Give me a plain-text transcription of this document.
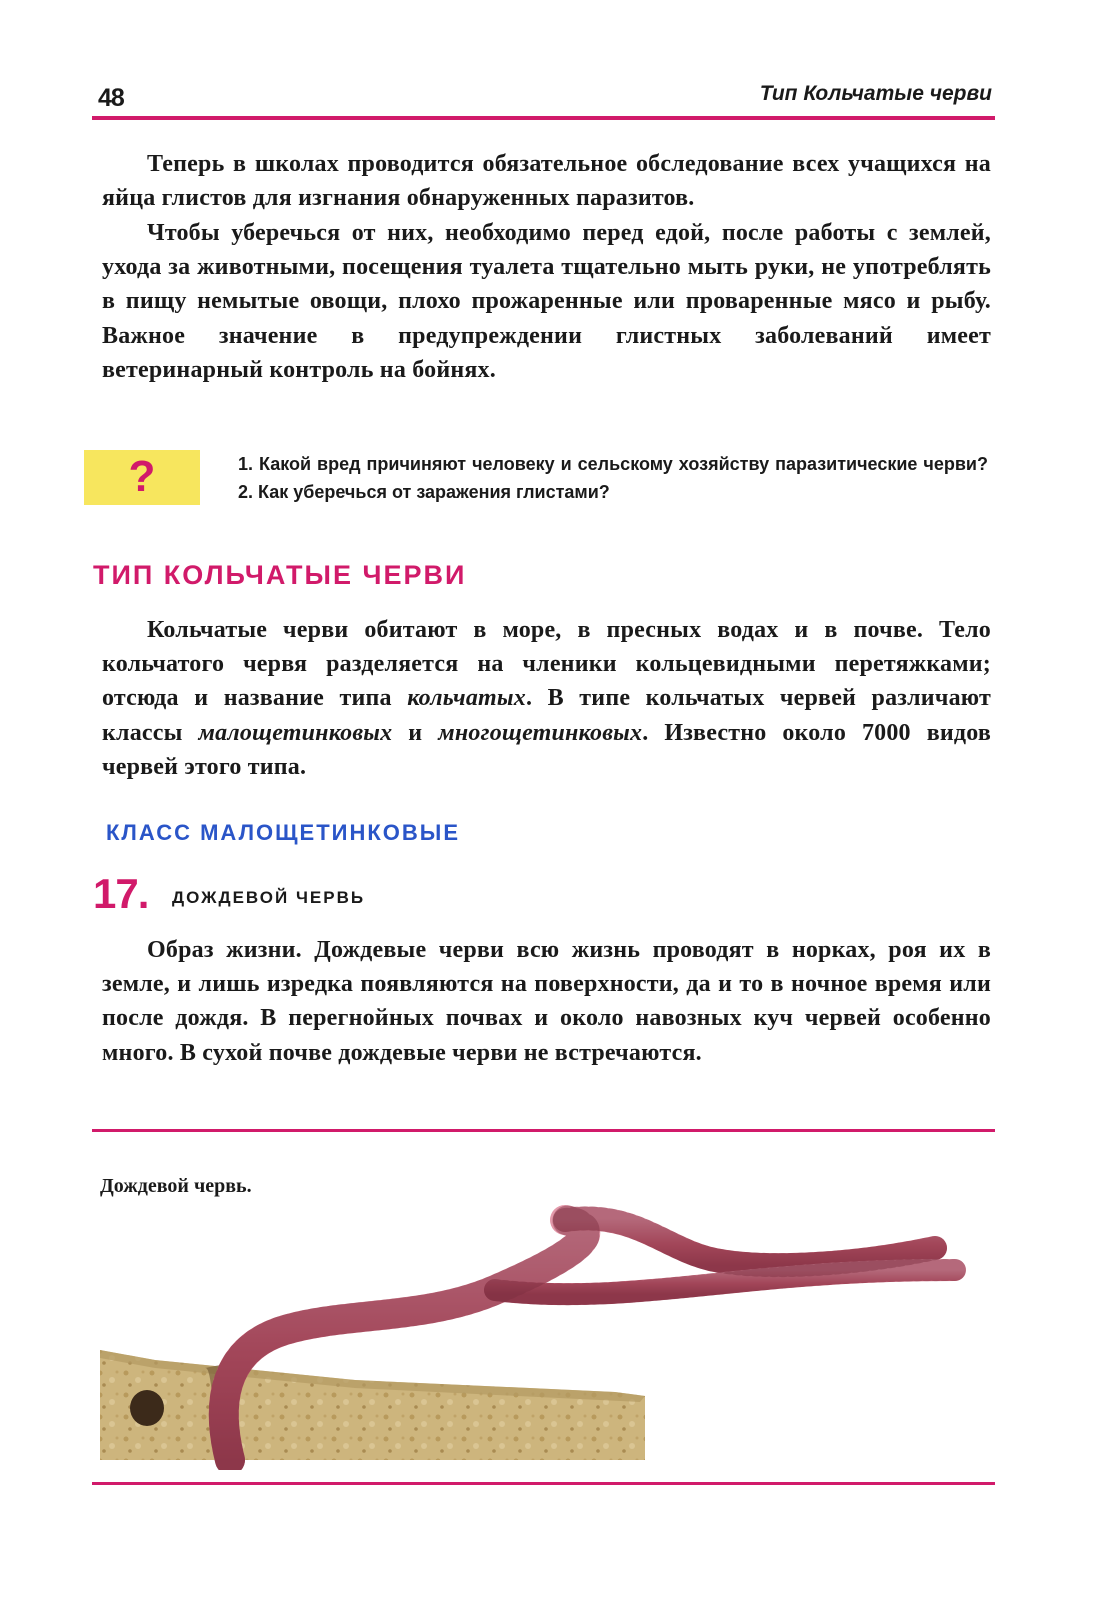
48	Тип Кольчатые черви

Теперь в школах проводится обязательное обследование всех учащихся на яйца глистов для изгнания обнаруженных паразитов.

Чтобы уберечься от них, необходимо перед едой, после работы с землей, ухода за животными, посещения туалета тщательно мыть руки, не употреблять в пищу немытые овощи, плохо прожаренные или проваренные мясо и рыбу. Важное значение в предупреждении глистных заболеваний имеет ветеринарный контроль на бойнях.

?	1. Какой вред причиняют человеку и сельскому хозяйству паразитические черви? 2. Как уберечься от заражения глистами?

ТИП КОЛЬЧАТЫЕ ЧЕРВИ

Кольчатые черви обитают в море, в пресных водах и в почве. Тело кольчатого червя разделяется на членики кольцевидными перетяжками; отсюда и название типа кольчатых. В типе кольчатых червей различают классы малощетинковых и многощетинковых. Известно около 7000 видов червей этого типа.

КЛАСС МАЛОЩЕТИНКОВЫЕ
17. ДОЖДЕВОЙ ЧЕРВЬ

Образ жизни. Дождевые черви всю жизнь проводят в норках, роя их в земле, и лишь изредка появляются на поверхности, да и то в ночное время или после дождя. В перегнойных почвах и около навозных куч червей особенно много. В сухой почве дождевые черви не встречаются.

Дождевой червь.
